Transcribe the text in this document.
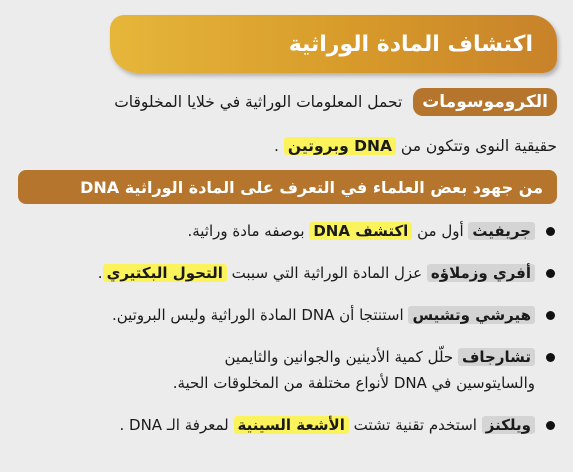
اكتشاف المادة الوراثية
الكروموسومات تحمل المعلومات الوراثية في خلايا المخلوقات
حقيقية النوى وتتكون من DNA وبروتين .
من جهود بعض العلماء في التعرف على المادة الوراثية DNA
جريفيث أول من اكتشف DNA بوصفه مادة وراثية.
أفري وزملاؤه عزل المادة الوراثية التي سببت التحول البكتيري.
هيرشي وتشيس استنتجا أن DNA المادة الوراثية وليس البروتين.
تشارجاف حلّل كمية الأدينين والجوانين والثايمين
والسايتوسين في DNA لأنواع مختلفة من المخلوقات الحية.
ويلكنز استخدم تقنية تشتت الأشعة السينية لمعرفة الـ DNA .
